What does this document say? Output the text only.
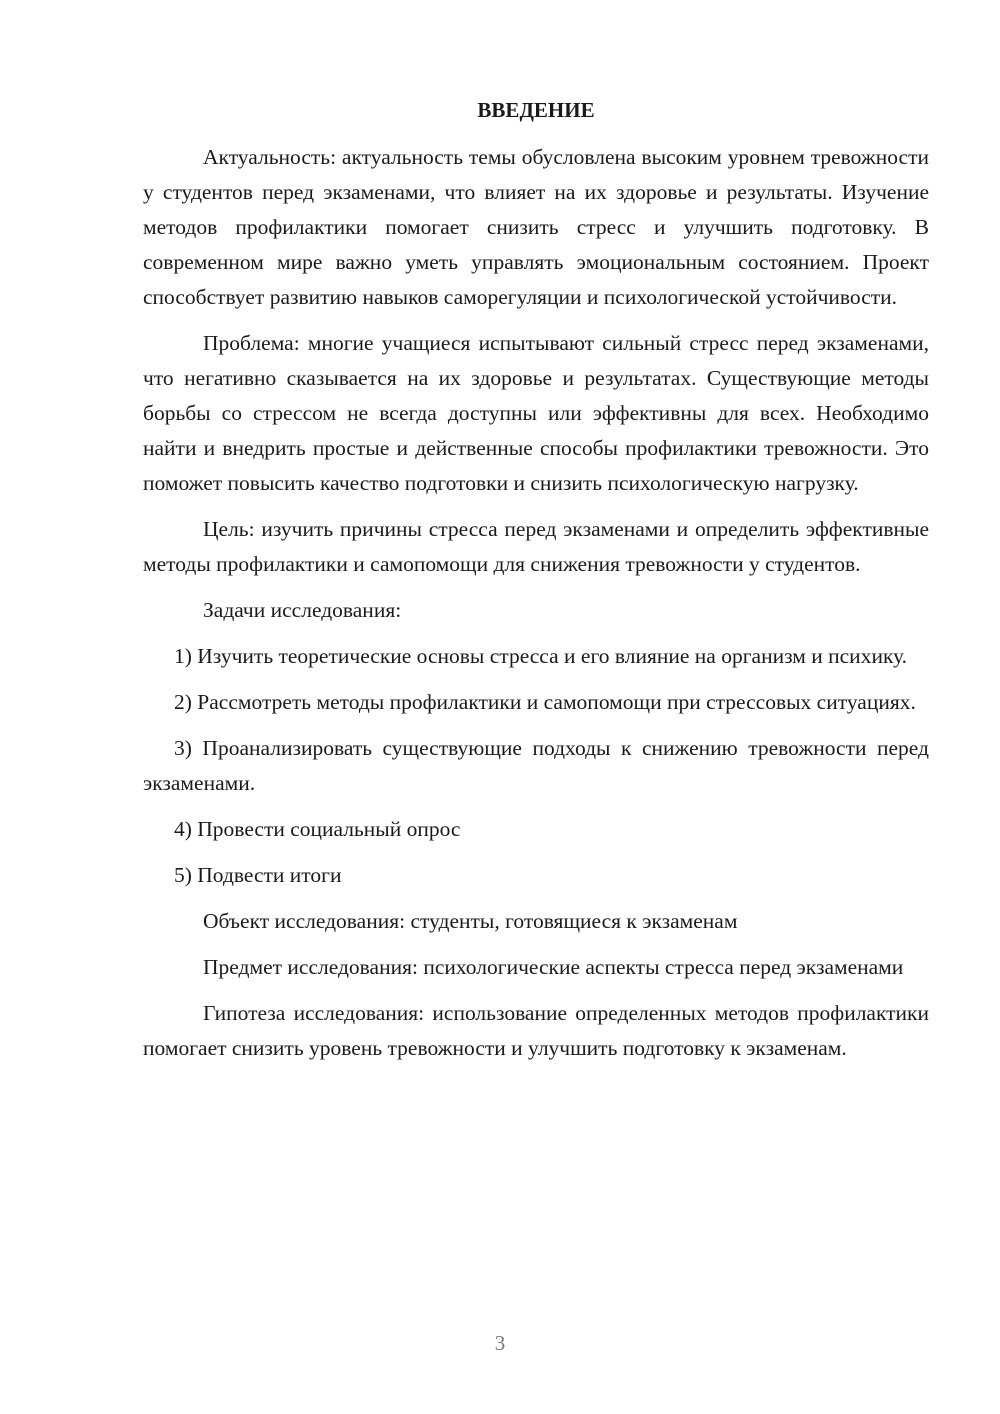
ВВЕДЕНИЕ

Актуальность: актуальность темы обусловлена высоким уровнем тревожности у студентов перед экзаменами, что влияет на их здоровье и результаты. Изучение методов профилактики помогает снизить стресс и улучшить подготовку. В современном мире важно уметь управлять эмоциональным состоянием. Проект способствует развитию навыков саморегуляции и психологической устойчивости.

Проблема: многие учащиеся испытывают сильный стресс перед экзаменами, что негативно сказывается на их здоровье и результатах. Существующие методы борьбы со стрессом не всегда доступны или эффективны для всех. Необходимо найти и внедрить простые и действенные способы профилактики тревожности. Это поможет повысить качество подготовки и снизить психологическую нагрузку.

Цель: изучить причины стресса перед экзаменами и определить эффективные методы профилактики и самопомощи для снижения тревожности у студентов.

Задачи исследования:

1) Изучить теоретические основы стресса и его влияние на организм и психику.

2) Рассмотреть методы профилактики и самопомощи при стрессовых ситуациях.

3) Проанализировать существующие подходы к снижению тревожности перед экзаменами.

4) Провести социальный опрос

5) Подвести итоги

Объект исследования: студенты, готовящиеся к экзаменам

Предмет исследования: психологические аспекты стресса перед экзаменами

Гипотеза исследования: использование определенных методов профилактики помогает снизить уровень тревожности и улучшить подготовку к экзаменам.

3
